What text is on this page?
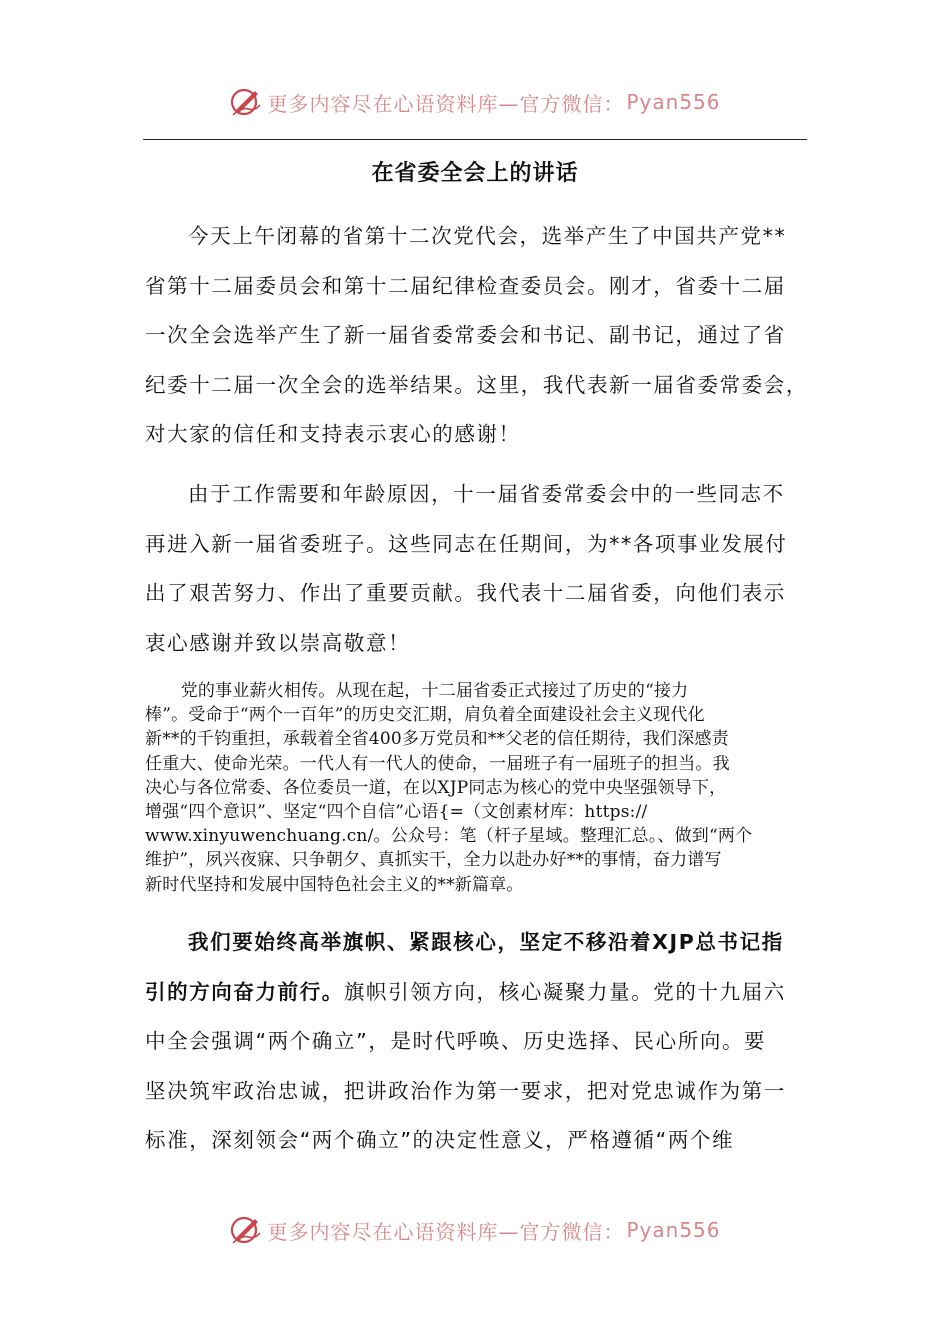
更多内容尽在心语资料库—官方微信： Pyan556
在省委全会上的讲话
今天上午闭幕的省第十二次党代会，选举产生了中国共产党**
省第十二届委员会和第十二届纪律检查委员会。刚才，省委十二届
一次全会选举产生了新一届省委常委会和书记、副书记，通过了省
纪委十二届一次全会的选举结果。这里，我代表新一届省委常委会，
对大家的信任和支持表示衷心的感谢！
由于工作需要和年龄原因，十一届省委常委会中的一些同志不
再进入新一届省委班子。这些同志在任期间，为**各项事业发展付
出了艰苦努力、作出了重要贡献。我代表十二届省委，向他们表示
衷心感谢并致以崇高敬意！
党的事业薪火相传。从现在起，十二届省委正式接过了历史的“接力
棒”。受命于“两个一百年”的历史交汇期，肩负着全面建设社会主义现代化
新**的千钧重担，承载着全省400多万党员和**父老的信任期待，我们深感责
任重大、使命光荣。一代人有一代人的使命，一届班子有一届班子的担当。我
决心与各位常委、各位委员一道，在以XJP同志为核心的党中央坚强领导下，
增强“四个意识”、坚定“四个自信”心语{=（文创素材库：https://
www.xinyuwenchuang.cn/。公众号：笔（杆子星域。整理汇总。、做到“两个
维护”，夙兴夜寐、只争朝夕、真抓实干，全力以赴办好**的事情，奋力谱写
新时代坚持和发展中国特色社会主义的**新篇章。
我们要始终高举旗帜、紧跟核心，坚定不移沿着XJP总书记指
引的方向奋力前行。旗帜引领方向，核心凝聚力量。党的十九届六
中全会强调“两个确立”，是时代呼唤、历史选择、民心所向。要
坚决筑牢政治忠诚，把讲政治作为第一要求，把对党忠诚作为第一
标准，深刻领会“两个确立”的决定性意义，严格遵循“两个维
更多内容尽在心语资料库—官方微信： Pyan556
